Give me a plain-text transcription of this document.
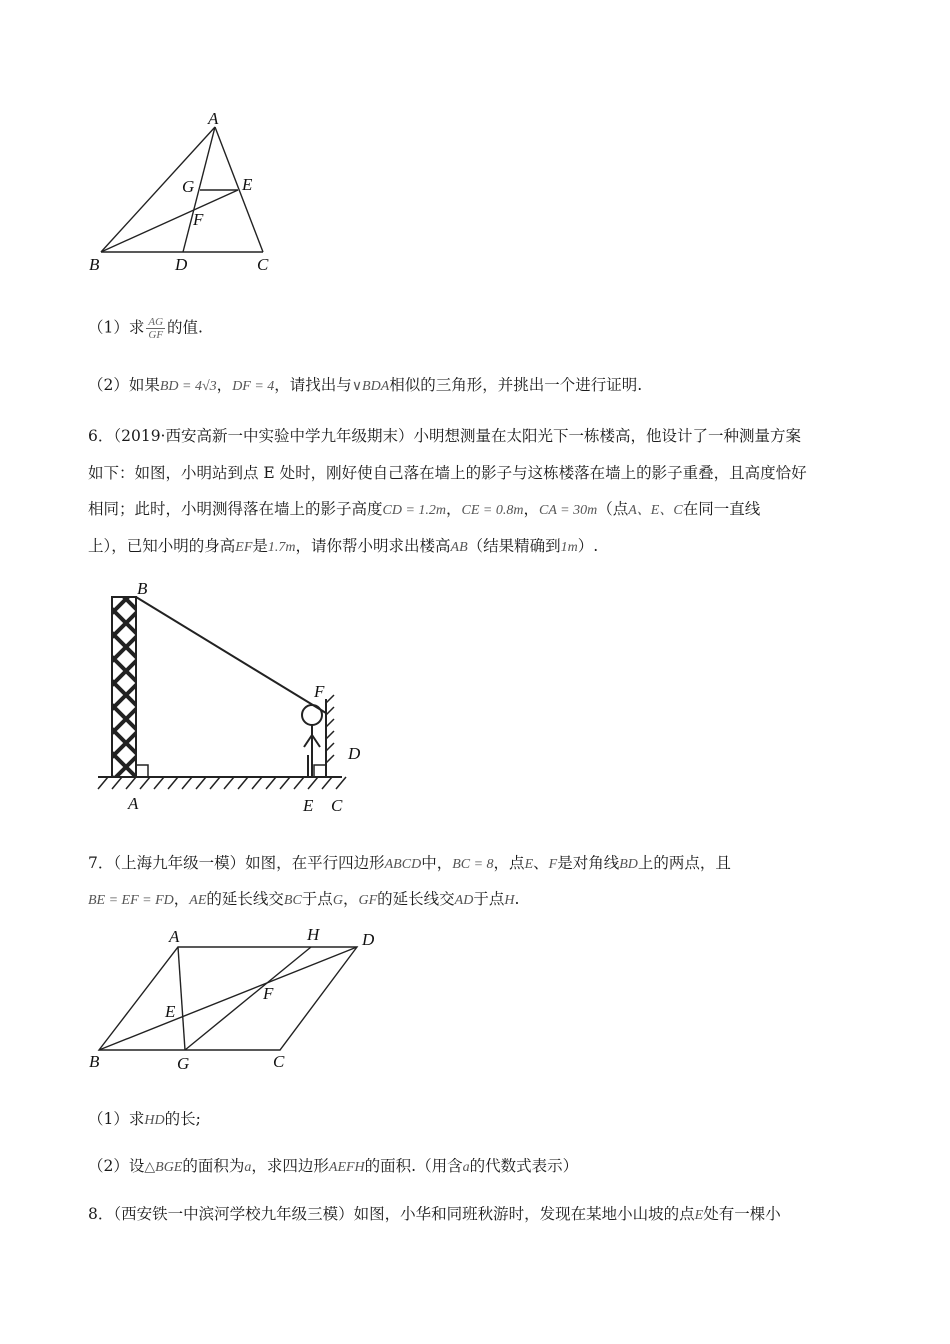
A
B	D	C
G	E
F
（1）求 $\frac{AG}{GF}$ 的值.
（2）如果BD = 4√3，DF = 4，请找出与∨BDA相似的三角形，并挑出一个进行证明.
6．（2019·西安高新一中实验中学九年级期末）小明想测量在太阳光下一栋楼高，他设计了一种测量方案
如下：如图，小明站到点 E 处时，刚好使自己落在墙上的影子与这栋楼落在墙上的影子重叠，且高度恰好
相同；此时，小明测得落在墙上的影子高度CD = 1.2m，CE = 0.8m，CA = 30m（点A、E、C在同一直线
上），已知小明的身高EF是1.7m，请你帮小明求出楼高AB（结果精确到1m）.
B
A
F
D
E C
7．（上海九年级一模）如图，在平行四边形ABCD中，BC = 8，点E、F是对角线BD上的两点，且
BE = EF = FD，AE的延长线交BC于点G，GF的延长线交AD于点H.
A	H	D
E
F
B	G	C
（1）求HD的长;
（2）设△BGE的面积为a，求四边形AEFH的面积.（用含a的代数式表示）
8．（西安铁一中滨河学校九年级三模）如图，小华和同班秋游时，发现在某地小山坡的点E处有一棵小
